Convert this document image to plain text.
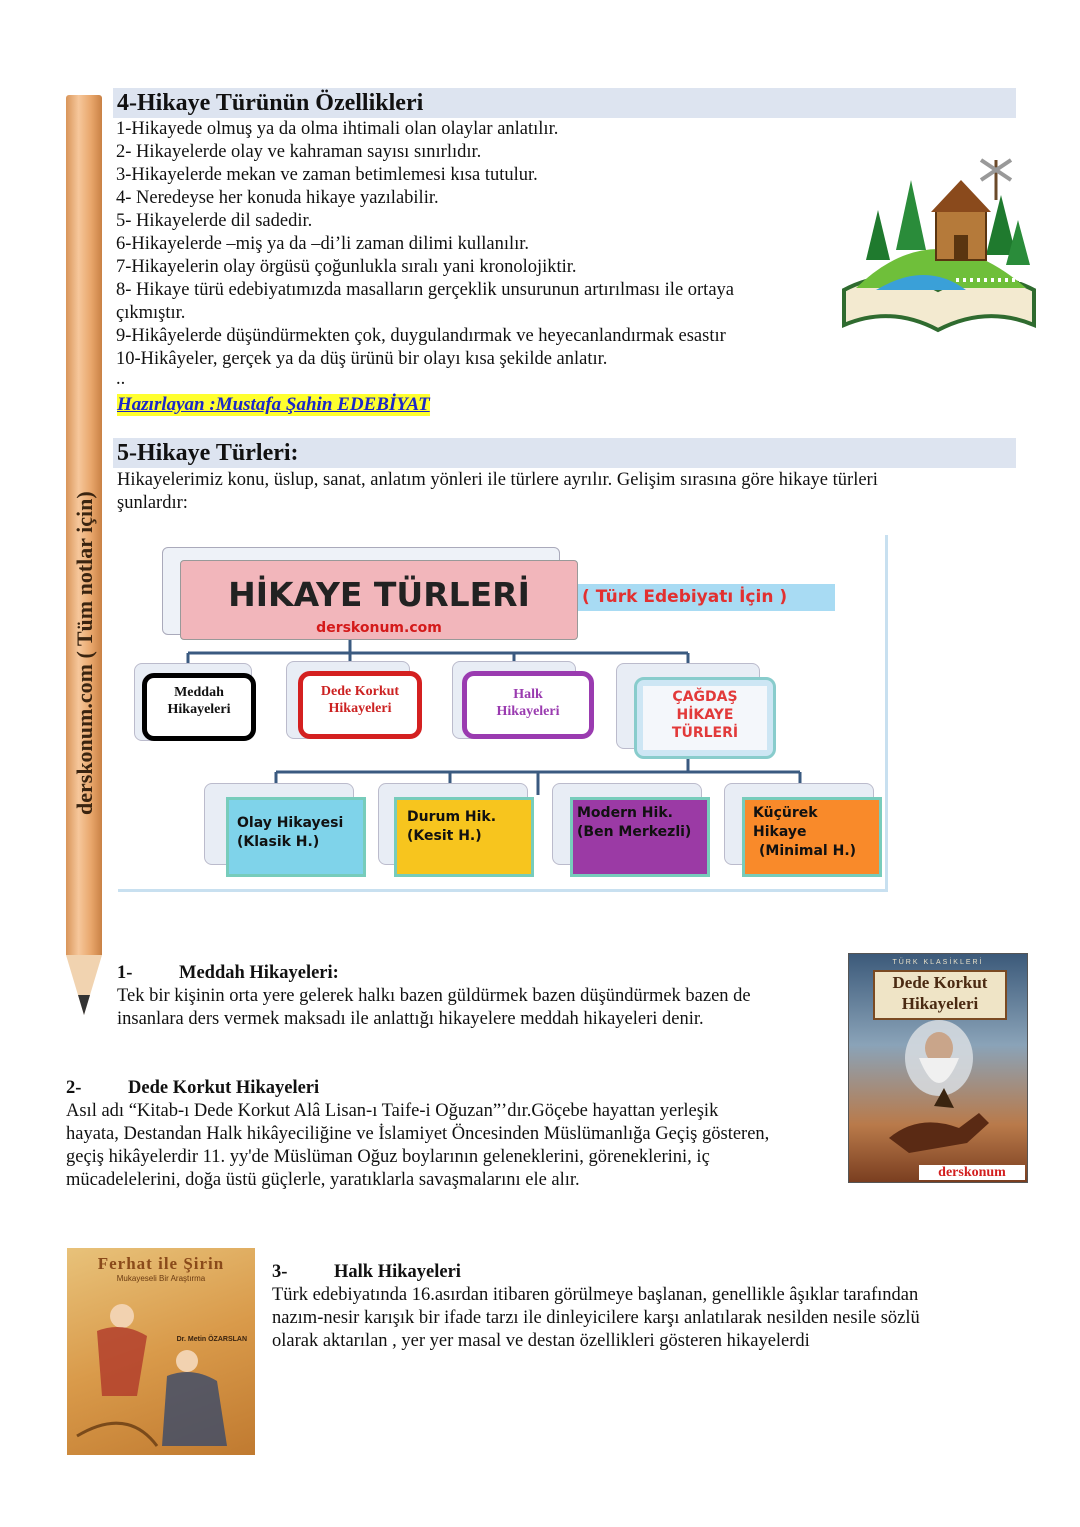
derskonum.com ( Tüm notlar için)
4-Hikaye Türünün Özellikleri
1-Hikayede olmuş ya da olma ihtimali olan olaylar anlatılır.
2- Hikayelerde olay ve kahraman sayısı sınırlıdır.
3-Hikayelerde mekan ve zaman betimlemesi kısa tutulur.
4- Neredeyse her konuda hikaye yazılabilir.
5- Hikayelerde dil sadedir.
6-Hikayelerde –miş ya da –di’li zaman dilimi kullanılır.
7-Hikayelerin olay örgüsü çoğunlukla sıralı yani kronolojiktir.
8- Hikaye türü edebiyatımızda masalların gerçeklik unsurunun artırılması ile ortaya
çıkmıştır.
9-Hikâyelerde düşündürmekten çok, duygulandırmak ve heyecanlandırmak esastır
10-Hikâyeler, gerçek ya da düş ürünü bir olayı kısa şekilde anlatır.
..
Hazırlayan :Mustafa Şahin EDEBİYAT
5-Hikaye Türleri:

Hikayelerimiz konu, üslup, sanat, anlatım yönleri ile türlere ayrılır. Gelişim sırasına göre hikaye türleri

şunlardır:

HİKAYE TÜRLERİ
derskonum.com
( Türk Edebiyatı İçin )
Meddah
Hikayeleri
Dede Korkut
Hikayeleri
Halk
Hikayeleri
ÇAĞDAŞ
HİKAYE
TÜRLERİ
Olay Hikayesi
(Klasik H.)
Durum Hik.
(Kesit H.)
Modern Hik.
(Ben Merkezli)
Küçürek
Hikaye
(Minimal H.)

1-	Meddah Hikayeleri:

Tek bir kişinin orta yere gelerek halkı bazen güldürmek bazen düşündürmek bazen de

insanlara ders vermek maksadı ile anlattığı hikayelere meddah hikayeleri denir.

TÜRK KLASİKLERİ
Dede Korkut
Hikayeleri
derskonum

2-	Dede Korkut Hikayeleri

Asıl adı “Kitab-ı Dede Korkut Alâ Lisan-ı Taife-i Oğuzan”’dır.Göçebe hayattan yerleşik

hayata, Destandan Halk hikâyeciliğine ve İslamiyet Öncesinden Müslümanlığa Geçiş gösteren,

geçiş hikâyelerdir 11. yy'de Müslüman Oğuz boylarının geleneklerini, göreneklerini, iç

mücadelelerini, doğa üstü güçlerle, yaratıklarla savaşmalarını ele alır.

Ferhat ile Şirin
Mukayeseli Bir Araştırma
Dr. Metin ÖZARSLAN

3-	Halk Hikayeleri

Türk edebiyatında 16.asırdan itibaren görülmeye başlanan, genellikle âşıklar tarafından

nazım-nesir karışık bir ifade tarzı ile dinleyicilere karşı anlatılarak nesilden nesile sözlü

olarak aktarılan , yer yer masal ve destan özellikleri gösteren hikayelerdi
